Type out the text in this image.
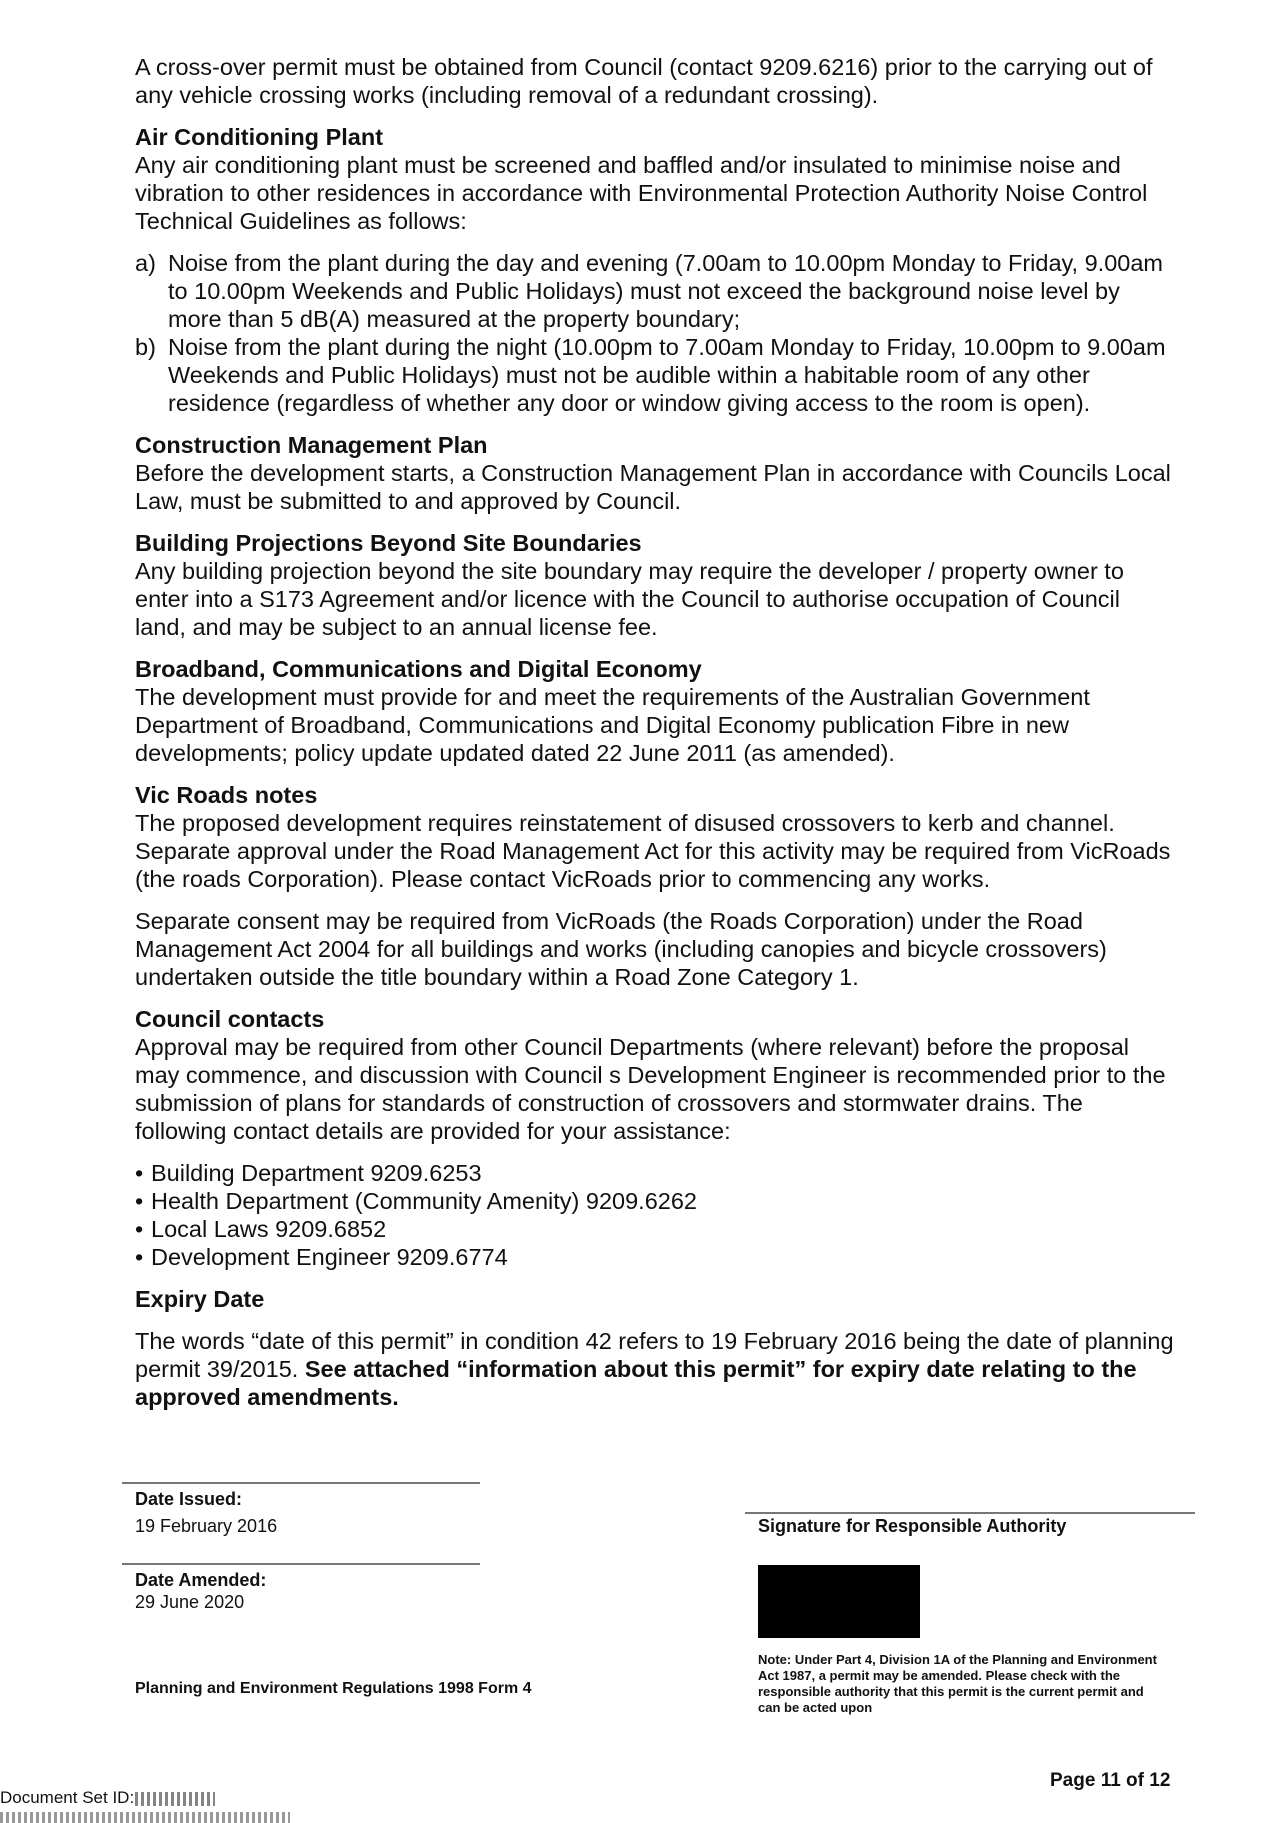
A cross-over permit must be obtained from Council (contact 9209.6216) prior to the carrying out of any vehicle crossing works (including removal of a redundant crossing).

Air Conditioning Plant

Any air conditioning plant must be screened and baffled and/or insulated to minimise noise and vibration to other residences in accordance with Environmental Protection Authority Noise Control Technical Guidelines as follows:

a) Noise from the plant during the day and evening (7.00am to 10.00pm Monday to Friday, 9.00am to 10.00pm Weekends and Public Holidays) must not exceed the background noise level by more than 5 dB(A) measured at the property boundary;
b) Noise from the plant during the night (10.00pm to 7.00am Monday to Friday, 10.00pm to 9.00am Weekends and Public Holidays) must not be audible within a habitable room of any other residence (regardless of whether any door or window giving access to the room is open).
Construction Management Plan

Before the development starts, a Construction Management Plan in accordance with Councils Local Law, must be submitted to and approved by Council.

Building Projections Beyond Site Boundaries

Any building projection beyond the site boundary may require the developer / property owner to enter into a S173 Agreement and/or licence with the Council to authorise occupation of Council land, and may be subject to an annual license fee.

Broadband, Communications and Digital Economy

The development must provide for and meet the requirements of the Australian Government Department of Broadband, Communications and Digital Economy publication Fibre in new developments; policy update updated dated 22 June 2011 (as amended).

Vic Roads notes

The proposed development requires reinstatement of disused crossovers to kerb and channel. Separate approval under the Road Management Act for this activity may be required from VicRoads (the roads Corporation). Please contact VicRoads prior to commencing any works.

Separate consent may be required from VicRoads (the Roads Corporation) under the Road Management Act 2004 for all buildings and works (including canopies and bicycle crossovers) undertaken outside the title boundary within a Road Zone Category 1.

Council contacts

Approval may be required from other Council Departments (where relevant) before the proposal may commence, and discussion with Council s Development Engineer is recommended prior to the submission of plans for standards of construction of crossovers and stormwater drains. The following contact details are provided for your assistance:

• Building Department 9209.6253
• Health Department (Community Amenity) 9209.6262
• Local Laws 9209.6852
• Development Engineer 9209.6774

Expiry Date

The words “date of this permit” in condition 42 refers to 19 February 2016 being the date of planning permit 39/2015. See attached “information about this permit” for expiry date relating to the approved amendments.

Date Issued:
19 February 2016	Signature for Responsible Authority
Date Amended:
29 June 2020
Planning and Environment Regulations 1998 Form 4
Note: Under Part 4, Division 1A of the Planning and Environment Act 1987, a permit may be amended. Please check with the responsible authority that this permit is the current permit and can be acted upon
Page 11 of 12
Document Set ID:
